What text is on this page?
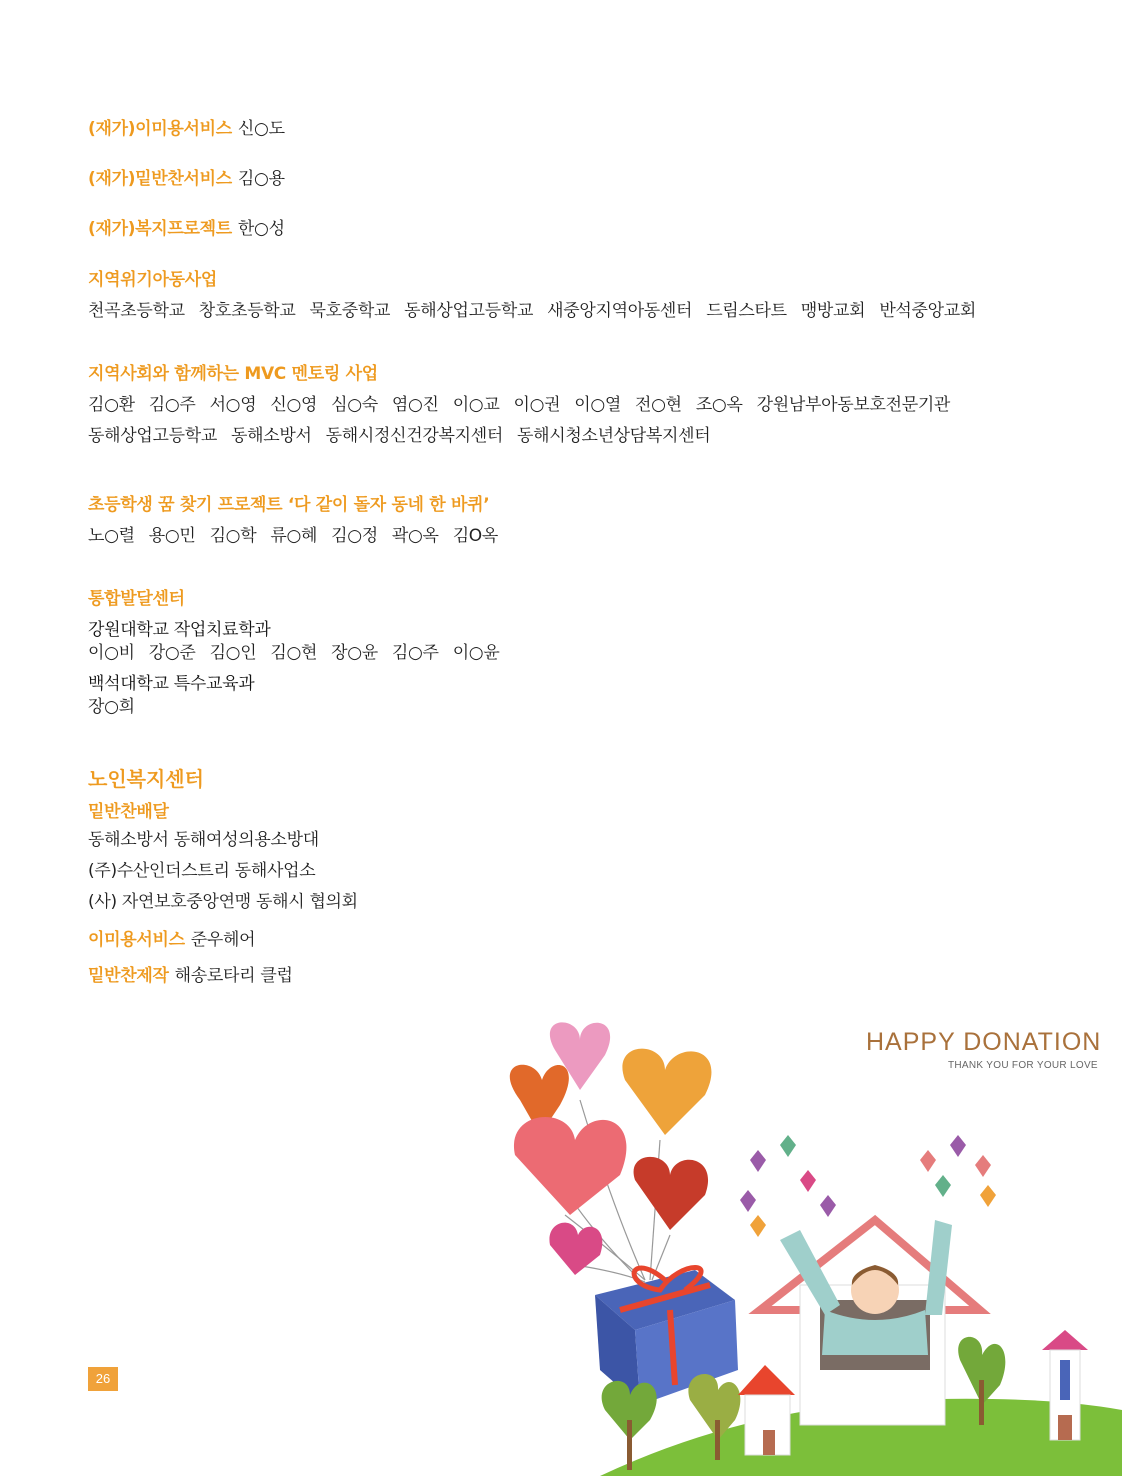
(재가)이미용서비스 신○도
(재가)밑반찬서비스 김○용
(재가)복지프로젝트 한○성
지역위기아동사업
천곡초등학교 창호초등학교 묵호중학교 동해상업고등학교 새중앙지역아동센터 드림스타트 맹방교회 반석중앙교회
지역사회와 함께하는 MVC 멘토링 사업
김○환 김○주 서○영 신○영 심○숙 염○진 이○교 이○권 이○열 전○현 조○옥 강원남부아동보호전문기관
동해상업고등학교 동해소방서 동해시정신건강복지센터 동해시청소년상담복지센터
초등학생 꿈 찾기 프로젝트 ‘다 같이 돌자 동네 한 바퀴’
노○렬 용○민 김○학 류○혜 김○정 곽○옥 김O옥
통합발달센터
강원대학교 작업치료학과
이○비 강○준 김○인 김○현 장○윤 김○주 이○윤
백석대학교 특수교육과
장○희
노인복지센터
밑반찬배달
동해소방서 동해여성의용소방대
(주)수산인더스트리 동해사업소
(사) 자연보호중앙연맹 동해시 협의회
이미용서비스 준우헤어
밑반찬제작 해송로타리 클럽
HAPPY DONATION
THANK YOU FOR YOUR LOVE
26
